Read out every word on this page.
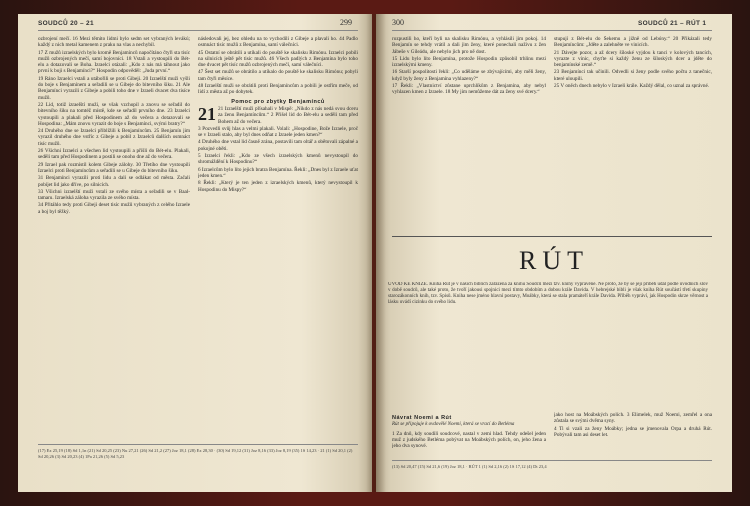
SOUDCŮ 20 – 21	299

ozbrojení mečí. 16 Mezi těmito lidmi bylo sedm set vybraných levákú; každý z nich metal kamenem z praku na vlas a nechybil.

17 Z mužů izraelských bylo kromě Benjamínců napočítáno čtyři sta tisíc mužů ozbrojených mečí, samí bojovníci. 18 Vstali a vystoupili do Bét-elu a dotazovali se Boha. Izraelci otázali: „Kdo z nás má táhnout jako první k boji s Benjamínci?“ Hospodin odpověděl: „Juda první.“

19 Ráno Izraelci vstali a utábořili se proti Gibeji. 20 Izraelští muži vyšli do boje s Benjamínem a seřadili se u Gibeje do bitevního šiku. 21 Ale Benjamínci vyrazili z Gibeje a pobili toho dne v Izraeli dvacet dva tisíce mužů.

22 Lid, totiž izraelští muži, se však vzchopil a znovu se seřadil do bitevního šiku na tomtéž místě, kde se seřadil prvního dne. 23 Izraelci vystoupili a plakali před Hospodinem až do večera a dotazovali se Hospodina: „Mám znovu vyrazit do boje s Benjamínci, svými bratry?“

24 Druhého dne se Izraelci přiblížili k Benjamíncům. 25 Benjamín jim vyrazil druhého dne vstříc z Gibeje a pobil z Izraelců dalších osmnáct tisíc mužů.

26 Všichni Izraelci a všechen lid vystoupili a přišli do Bét-elu. Plakali, seděli tam před Hospodinem a postili se onoho dne až do večera.

29 Izrael pak rozmístil kolem Gibeje zálohy. 30 Třetího dne vystoupili Izraelci proti Benjamíncům a seřadili se u Gibeje do bitevního šiku.

31 Benjamínci vyrazili proti lidu a dali se odlákat od města. Začali pobíjet lid jako dříve, po silnicích.

33 Všichni izraelští muži vstali ze svého místa a seřadili se v Baal-tamaru. Izraelská záloha vyrazila ze svého místa.

34 Přitáhlo tedy proti Gibeji deset tisíc mužů vybraných z celého Izraele a boj byl těžký.

následovali jej, bez ohledu na to vychodili z Gibeje a plavali ho. 44 Padlo osmnáct tisíc mužů z Benjamína, samí válečníci.

45 Ostatní se obrátili a utíkali do pouště ke skalisku Rimónu. Izraelci pobili na silnicích ještě pět tisíc mužů. 46 Všech padlých z Benjamína bylo toho dne dvacet pět tisíc mužů ozbrojených mečí, samí válečníci.

47 Šest set mužů se obrátilo a utíkalo do pouště ke skalisku Rimónu; pobyli tam čtyři měsíce.

48 Izraelští muži se obrátili proti Benjamíncům a pobili je ostřím meče, od lidí z města až po dobytek.

Pomoc pro zbytky Benjamínců

21 21 Izraelští muži přísahali v Mispě: „Nikdo z nás nedá svou dceru za ženu Benjamíncům.“ 2 Přišel lid do Bét-elu a seděli tam před Bohem až do večera.

3 Pozvedli svůj hlas a velmi plakali. Volali: „Hospodine, Bože Izraele, proč se v Izraeli stalo, aby byl dnes odňat z Izraele jeden kmen?“

4 Druhého dne vstal lid časně zrána, postavili tam oltář a obětovali zápalné a pokojné oběti.

5 Izraelci řekli: „Kdo ze všech izraelských kmenů nevystoupil do shromáždění k Hospodinu?“

6 Izraelcům bylo líto jejich bratra Benjamína. Řekli: „Dnes byl z Izraele uťat jeden kmen.“

8 Řekli: „Který je ten jeden z izraelských kmenů, který nevystoupil k Hospodinu do Mispy?“

(17) Ex 25,19 (18) Sd 1,1n (21) Sd 20,25 (23) Nu 27,21 (26) Sd 21,2 (27) Joz 18,1 (28) Ex 28,30 · (30) Sd 19,12 (31) Joz 8,16 (33) Joz 8,19 (35) 1S 14,23 · 21 (1) Sd 20,1 (2) Sd 20,26 (3) Sd 20,23 (4) 1Pa 21,26 (5) Sd 5,23
300	SOUDCŮ 21 – RÚT 1

rozpustili ho, kteří byli na skalisku Rimónu, a vyhlásili jim pokoj. 14 Benjamín se tehdy vrátil a dali jim ženy, které ponechali naživu z žen Jábeše v Gileádu, ale nebylo jich pro ně dost.

15 Lidu bylo líto Benjamína, protože Hospodin způsobil trhlinu mezi izraelskými kmeny.

16 Starší pospolitosti řekli: „Co uděláme se zbývajícími, aby měli ženy, když byly ženy z Benjamína vyhlazeny?“

17 Řekli: „Vlastnictví zůstane uprchlíkům z Benjamína, aby nebyl vyhlazen kmen z Izraele. 18 My jim nemůžeme dát za ženy své dcery.“

stupují z Bét-elu do Šekemu a jižně od Lebóny.“ 20 Přikázali tedy Benjamíncům: „Jděte a zalehněte ve vinicích.

21 Dávejte pozor, a až dcery šíloské vyjdou k tanci v kolových tancích, vyrazte z vinic, chyťte si každý ženu ze šíloských dcer a jděte do benjamínské země.“

23 Benjamínci tak učinili. Odvedli si ženy podle svého počtu z tanečnic, které uloupili.

25 V oněch dnech nebylo v Izraeli krále. Každý dělal, co uznal za správné.

RÚT
ÚVOD KE KNIZE. Kniha Rút je v našich biblích zařazena za knihu Soudců mezi tzv. knihy vyprávěné. Ne proto, že by se její příběh udál podle úvodních slov v době soudců, ale také proto, že tvoří jakousi spojnici mezi tímto obdobím a dobou krále Davida. V hebrejské bibli je však kniha Rút součástí třetí skupiny starozákonních knih, tzv. Spisů. Kniha nese jméno hlavní postavy, Moábky, která se stala pramáteří krále Davida. Příběh vypráví, jak Hospodin skrze věrnost a lásku uvádí cizinku do svého lidu.
Návrat Noemi a Rút
Rút se připojuje k ovdovělé Noemi, která se vrací do Betléma

1 Za dnů, kdy soudili soudcové, nastal v zemi hlad. Tehdy odešel jeden muž z judského Betléma pobývat na Moábských polích, on, jeho žena a jeho dva synové.

jako host na Moábských polích. 3 Elimelek, muž Noemi, zemřel a ona zůstala se svými dvěma syny.

4 Ti si vzali za ženy Moábky; jedna se jmenovala Orpa a druhá Rút. Pobývali tam asi deset let.

(13) Sd 20,47 (15) Sd 21,6 (19) Joz 18,1 · RÚT 1 (1) Sd 2,16 (2) 1S 17,12 (4) Dt 23,4
